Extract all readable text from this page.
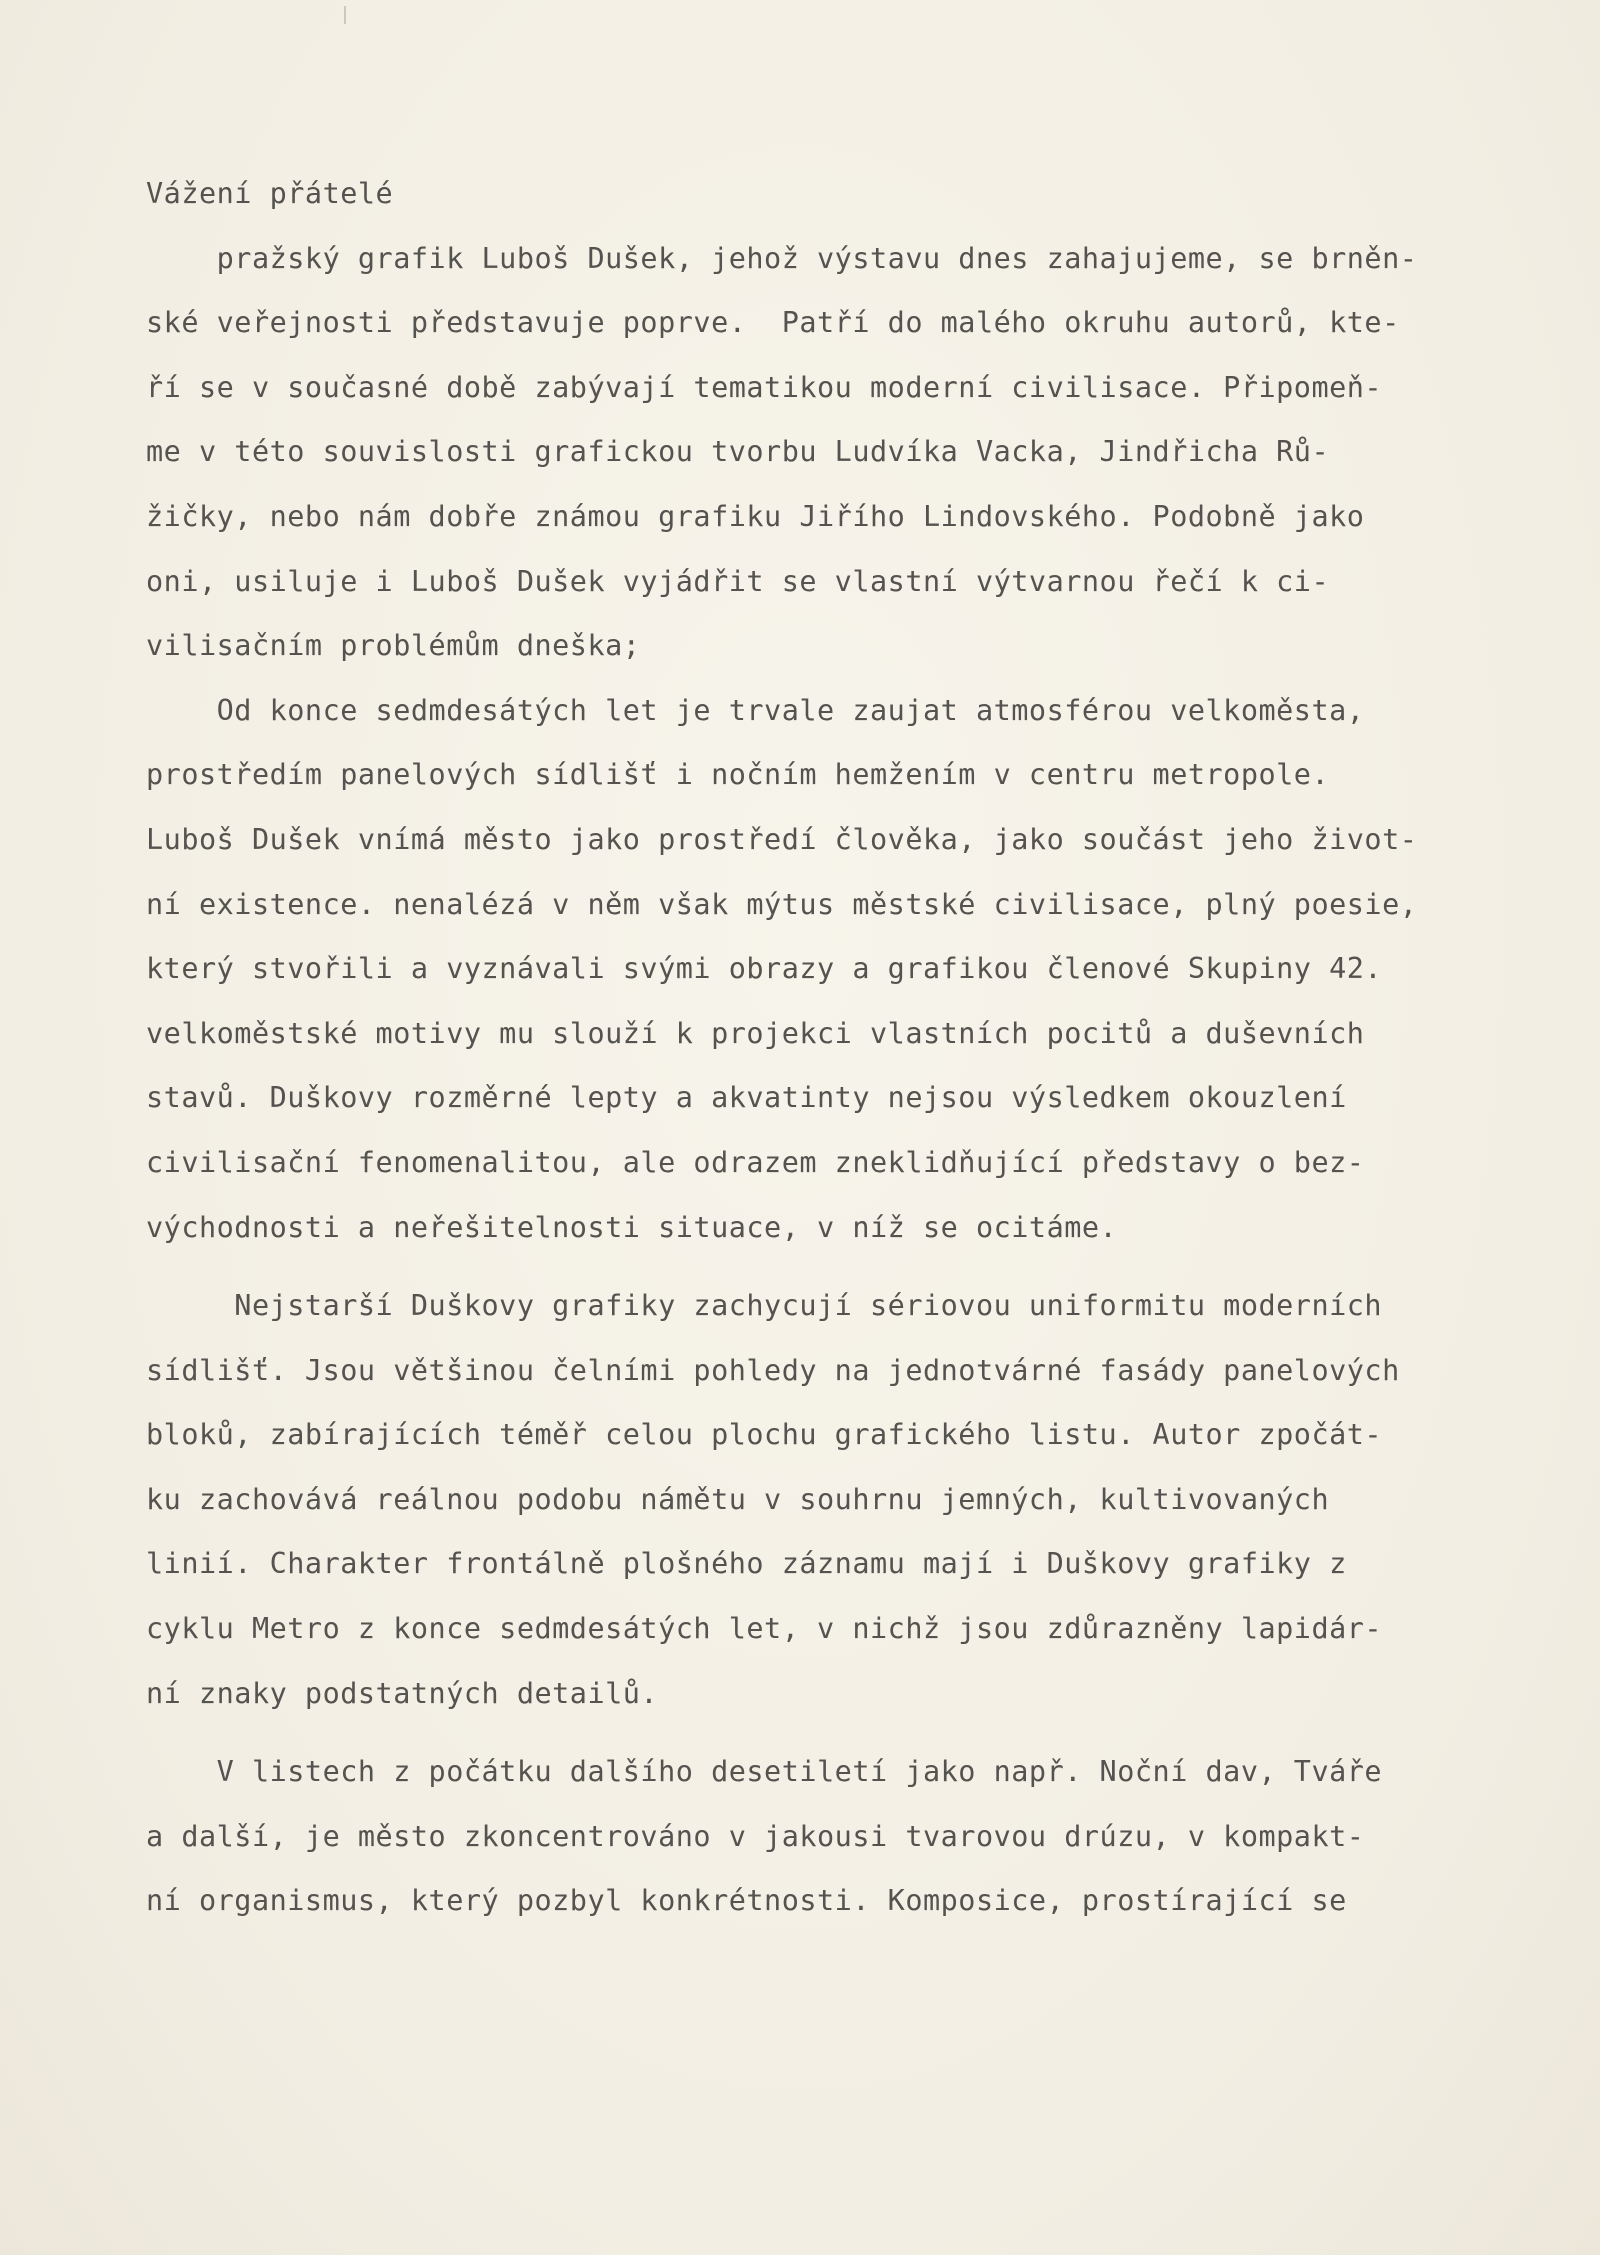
Vážení přátelé
pražský grafik Luboš Dušek, jehož výstavu dnes zahajujeme, se brněn-
ské veřejnosti představuje poprve.  Patří do malého okruhu autorů, kte-
ří se v současné době zabývají tematikou moderní civilisace. Připomeň-
me v této souvislosti grafickou tvorbu Ludvíka Vacka, Jindřicha Rů-
žičky, nebo nám dobře známou grafiku Jiřího Lindovského. Podobně jako
oni, usiluje i Luboš Dušek vyjádřit se vlastní výtvarnou řečí k ci-
vilisačním problémům dneška;
Od konce sedmdesátých let je trvale zaujat atmosférou velkoměsta,
prostředím panelových sídlišť i nočním hemžením v centru metropole.
Luboš Dušek vnímá město jako prostředí člověka, jako součást jeho život-
ní existence. nenalézá v něm však mýtus městské civilisace, plný poesie,
který stvořili a vyznávali svými obrazy a grafikou členové Skupiny 42.
velkoměstské motivy mu slouží k projekci vlastních pocitů a duševních
stavů. Duškovy rozměrné lepty a akvatinty nejsou výsledkem okouzlení
civilisační fenomenalitou, ale odrazem zneklidňující představy o bez-
východnosti a neřešitelnosti situace, v níž se ocitáme.
Nejstarší Duškovy grafiky zachycují sériovou uniformitu moderních
sídlišť. Jsou většinou čelními pohledy na jednotvárné fasády panelových
bloků, zabírajících téměř celou plochu grafického listu. Autor zpočát-
ku zachovává reálnou podobu námětu v souhrnu jemných, kultivovaných
linií. Charakter frontálně plošného záznamu mají i Duškovy grafiky z
cyklu Metro z konce sedmdesátých let, v nichž jsou zdůrazněny lapidár-
ní znaky podstatných detailů.
V listech z počátku dalšího desetiletí jako např. Noční dav, Tváře
a další, je město zkoncentrováno v jakousi tvarovou drúzu, v kompakt-
ní organismus, který pozbyl konkrétnosti. Komposice, prostírající se
